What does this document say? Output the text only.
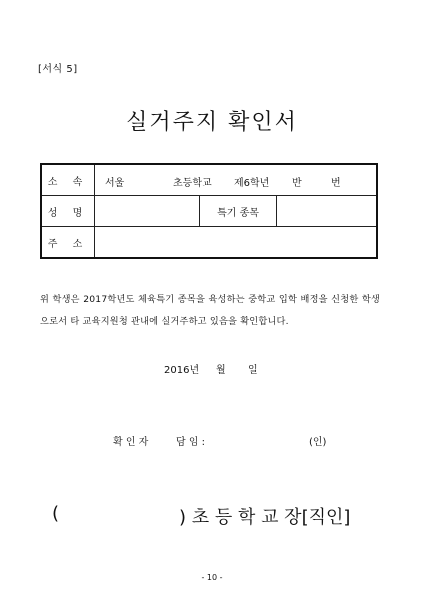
[서식 5]
실거주지 확인서
소 속	서울 초등학교 제6학년 반 번		

성 명		특기 종목	
주 소			
위 학생은 2017학년도 체육특기 종목을 육성하는 중학교 입학 배정을 신청한 학생으로서 타 교육지원청 관내에 실거주하고 있음을 확인합니다.
2016년 월 일
확 인 자	담 임 :	(인)
(	) 초 등 학 교 장[직인]
- 10 -
